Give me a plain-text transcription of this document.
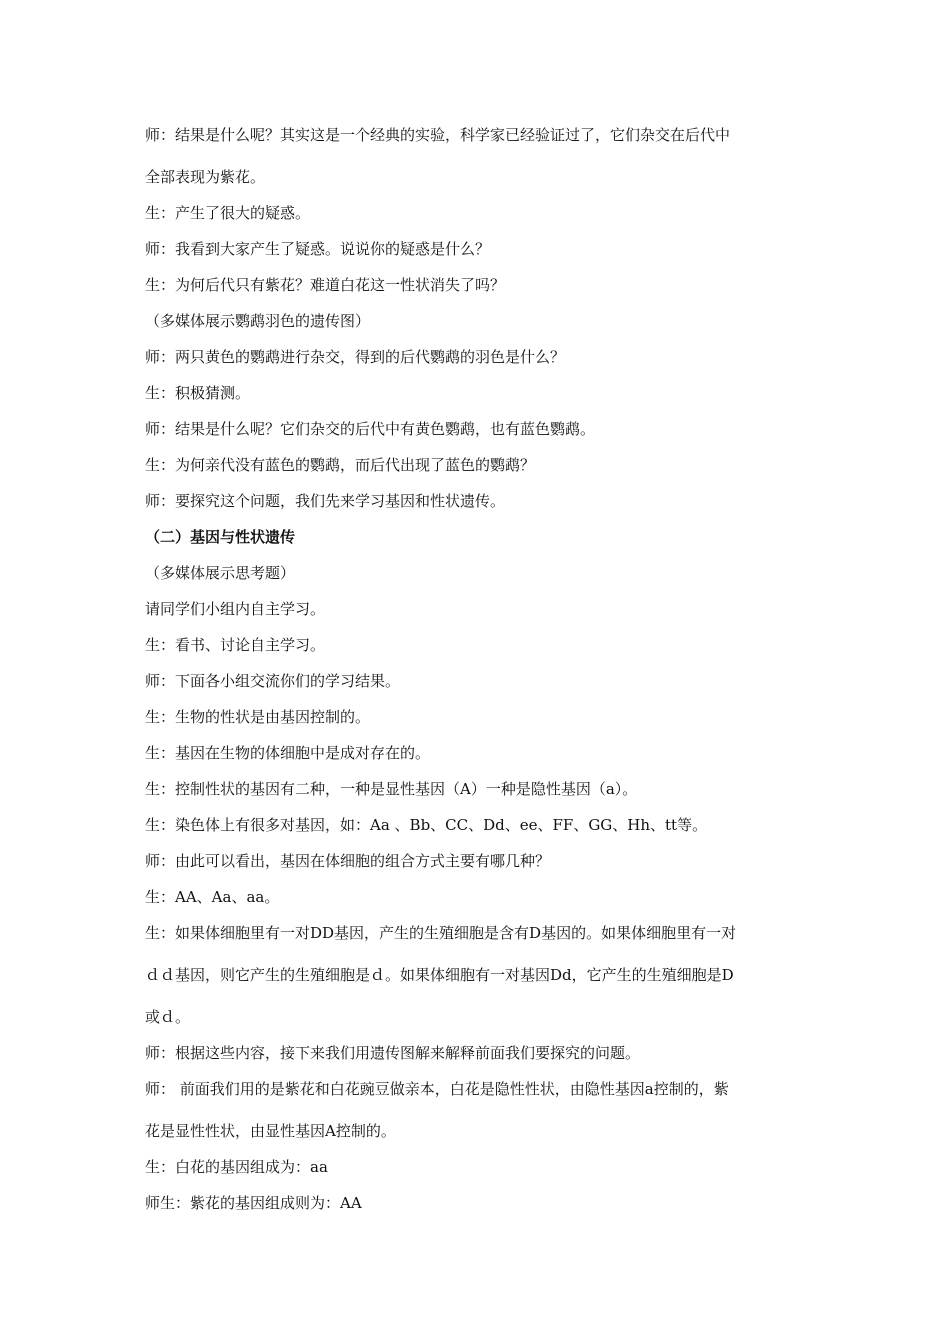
师：结果是什么呢？其实这是一个经典的实验，科学家已经验证过了，它们杂交在后代中

全部表现为紫花。

生：产生了很大的疑惑。

师：我看到大家产生了疑惑。说说你的疑惑是什么？

生：为何后代只有紫花？难道白花这一性状消失了吗？

（多媒体展示鹦鹉羽色的遗传图）

师：两只黄色的鹦鹉进行杂交，得到的后代鹦鹉的羽色是什么？

生：积极猜测。

师：结果是什么呢？它们杂交的后代中有黄色鹦鹉，也有蓝色鹦鹉。

生：为何亲代没有蓝色的鹦鹉，而后代出现了蓝色的鹦鹉？

师：要探究这个问题，我们先来学习基因和性状遗传。

（二）基因与性状遗传

（多媒体展示思考题）

请同学们小组内自主学习。

生：看书、讨论自主学习。

师：下面各小组交流你们的学习结果。

生：生物的性状是由基因控制的。

生：基因在生物的体细胞中是成对存在的。

生：控制性状的基因有二种，一种是显性基因（A）一种是隐性基因（a）。

生：染色体上有很多对基因，如：Aa 、Bb、CC、Dd、ee、FF、GG、Hh、tt等。

师：由此可以看出，基因在体细胞的组合方式主要有哪几种？

生：AA、Aa、aa。

生：如果体细胞里有一对DD基因，产生的生殖细胞是含有D基因的。如果体细胞里有一对

ｄｄ基因，则它产生的生殖细胞是ｄ。如果体细胞有一对基因Dd，它产生的生殖细胞是D

或ｄ。

师：根据这些内容，接下来我们用遗传图解来解释前面我们要探究的问题。

师： 前面我们用的是紫花和白花豌豆做亲本，白花是隐性性状，由隐性基因a控制的，紫

花是显性性状，由显性基因A控制的。

生：白花的基因组成为：aa

师生：紫花的基因组成则为：AA
